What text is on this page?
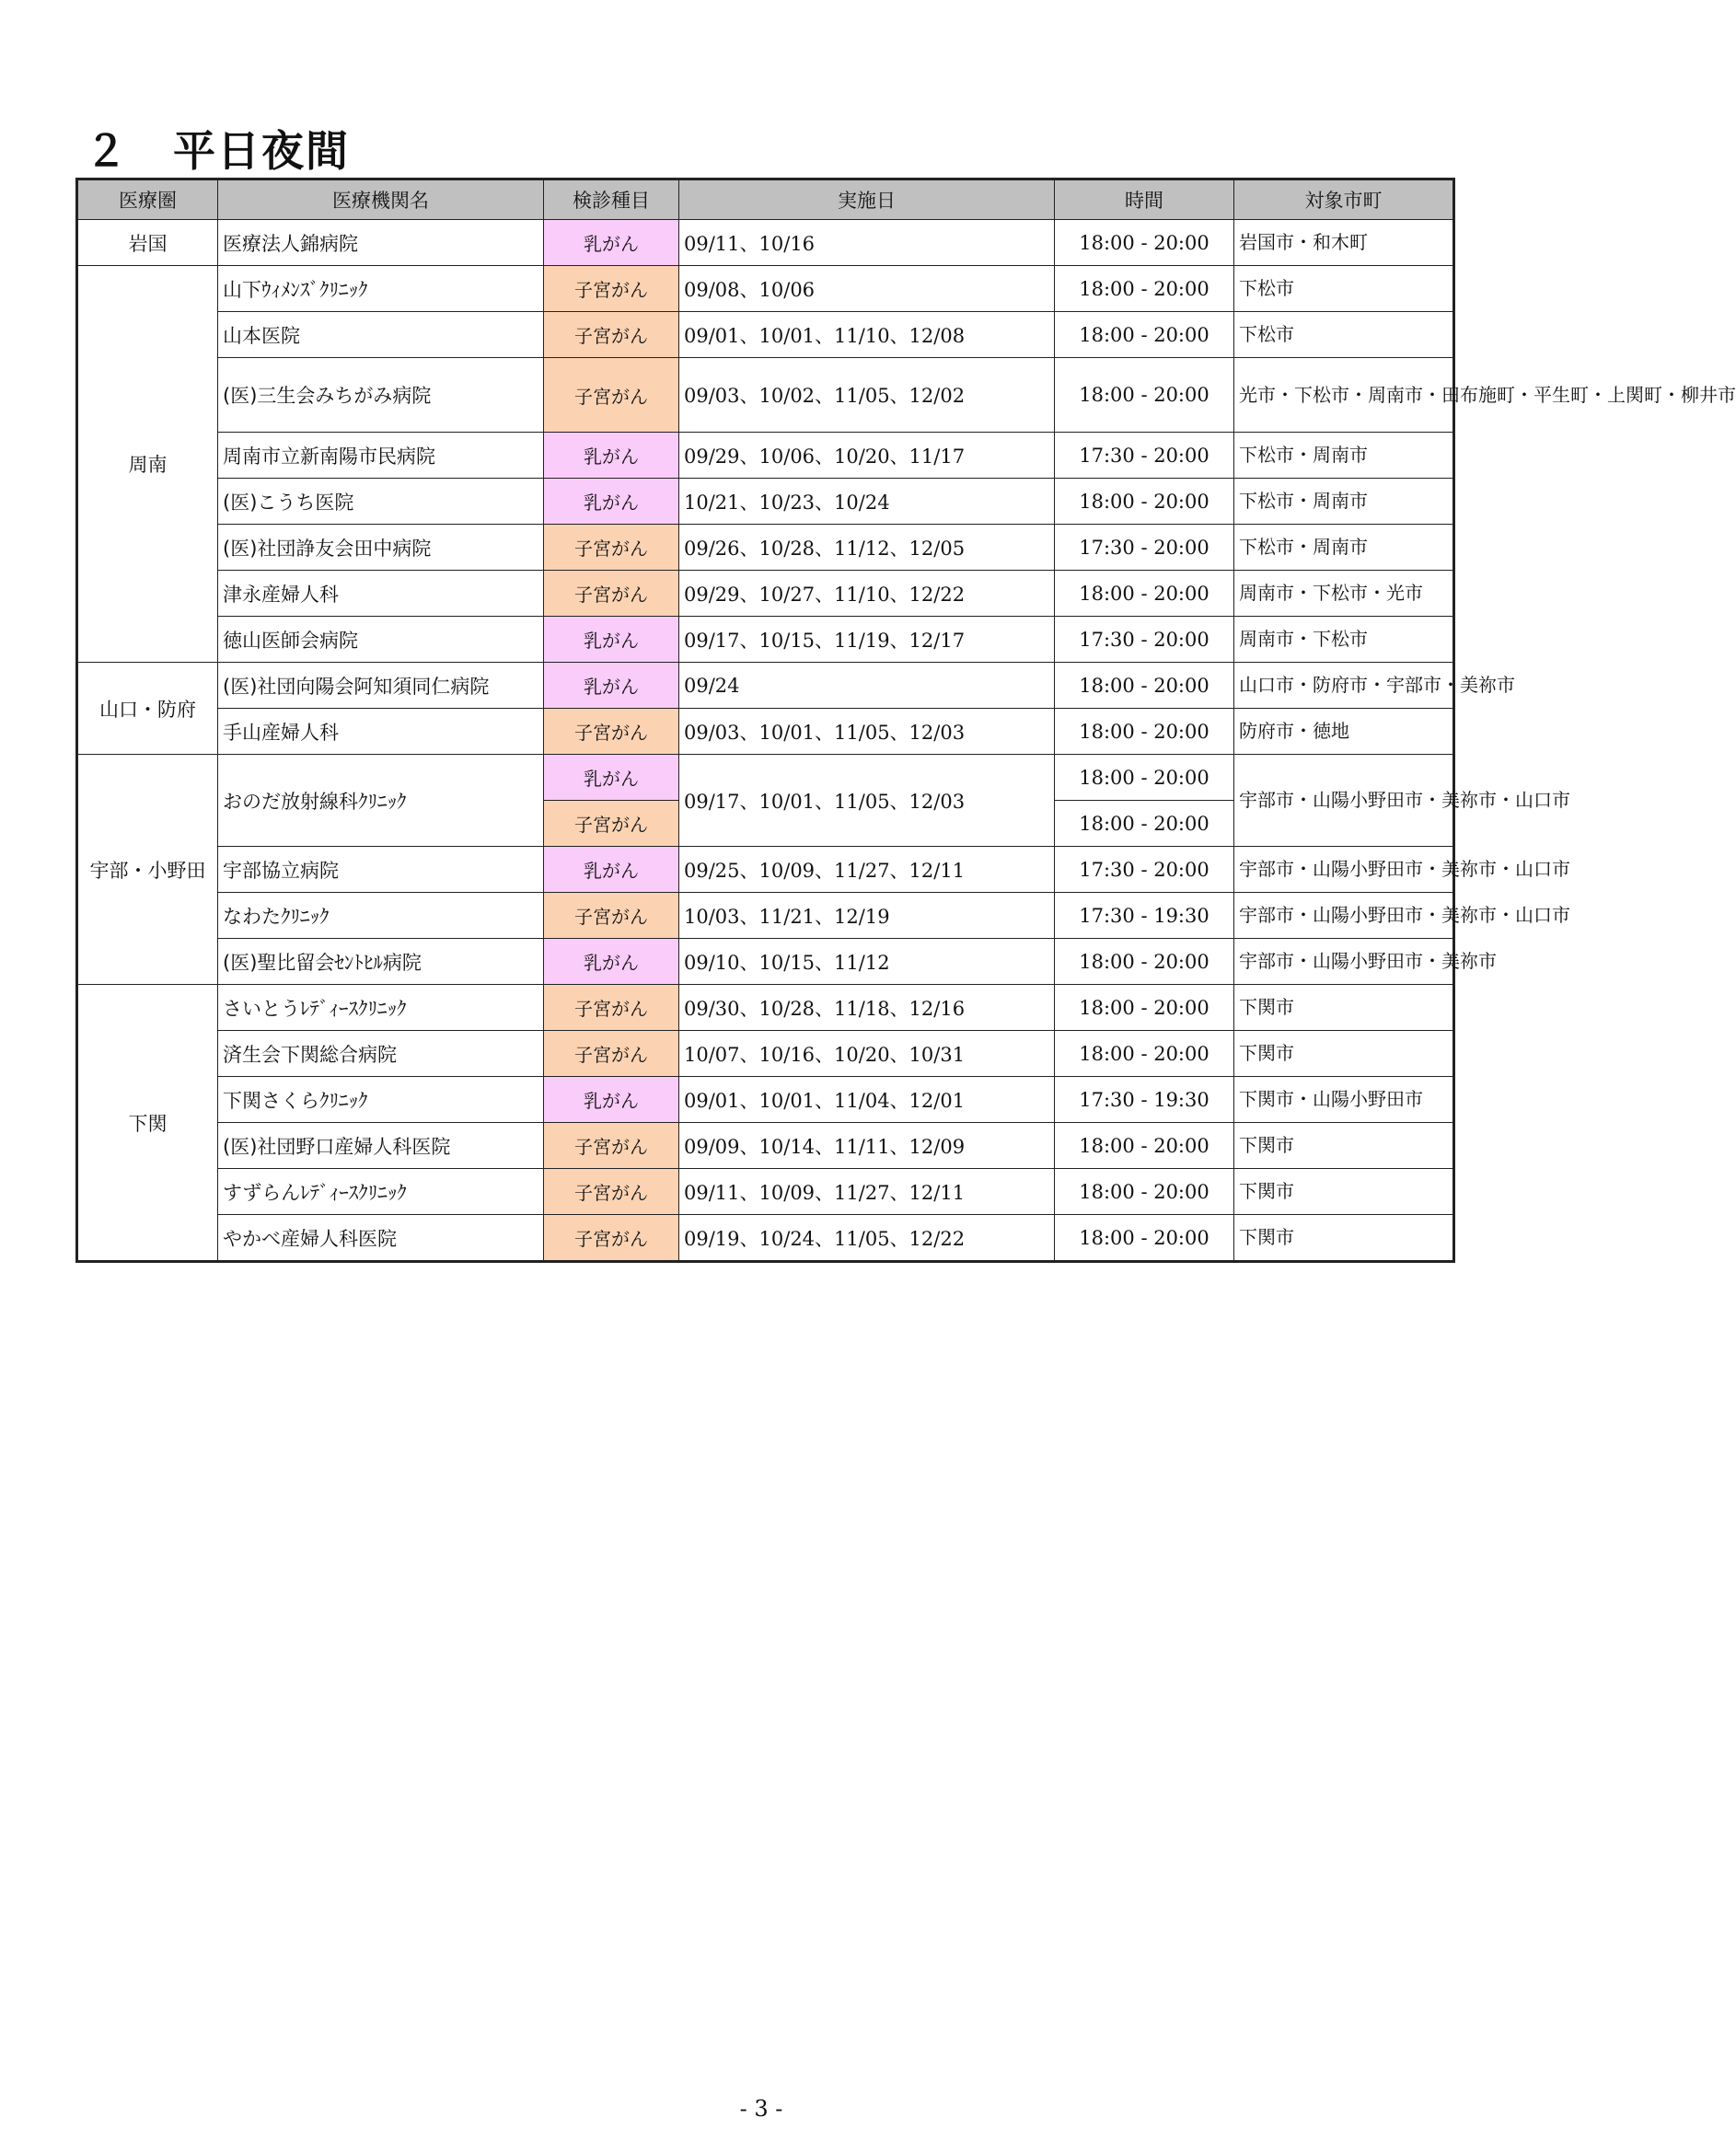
２　平日夜間
医療圏	医療機関名	検診種目	実施日	時間	対象市町
岩国	医療法人錦病院	乳がん	09/11、10/16	18:00 - 20:00	岩国市・和木町
周南	山下ｳｨﾒﾝｽﾞｸﾘﾆｯｸ	子宮がん	09/08、10/06	18:00 - 20:00	下松市
	山本医院	子宮がん	09/01、10/01、11/10、12/08	18:00 - 20:00	下松市
	(医)三生会みちがみ病院	子宮がん	09/03、10/02、11/05、12/02	18:00 - 20:00	光市・下松市・周南市・田布施町・平生町・上関町・柳井市
	周南市立新南陽市民病院	乳がん	09/29、10/06、10/20、11/17	17:30 - 20:00	下松市・周南市
	(医)こうち医院	乳がん	10/21、10/23、10/24	18:00 - 20:00	下松市・周南市
	(医)社団諍友会田中病院	子宮がん	09/26、10/28、11/12、12/05	17:30 - 20:00	下松市・周南市
	津永産婦人科	子宮がん	09/29、10/27、11/10、12/22	18:00 - 20:00	周南市・下松市・光市
	徳山医師会病院	乳がん	09/17、10/15、11/19、12/17	17:30 - 20:00	周南市・下松市
山口・防府	(医)社団向陽会阿知須同仁病院	乳がん	09/24	18:00 - 20:00	山口市・防府市・宇部市・美祢市
	手山産婦人科	子宮がん	09/03、10/01、11/05、12/03	18:00 - 20:00	防府市・徳地
宇部・小野田	おのだ放射線科ｸﾘﾆｯｸ	乳がん	09/17、10/01、11/05、12/03	18:00 - 20:00	宇部市・山陽小野田市・美祢市・山口市
		子宮がん		18:00 - 20:00	
	宇部協立病院	乳がん	09/25、10/09、11/27、12/11	17:30 - 20:00	宇部市・山陽小野田市・美祢市・山口市
	なわたｸﾘﾆｯｸ	子宮がん	10/03、11/21、12/19	17:30 - 19:30	宇部市・山陽小野田市・美祢市・山口市
	(医)聖比留会ｾﾝﾄﾋﾙ病院	乳がん	09/10、10/15、11/12	18:00 - 20:00	宇部市・山陽小野田市・美祢市
下関	さいとうﾚﾃﾞｨｰｽｸﾘﾆｯｸ	子宮がん	09/30、10/28、11/18、12/16	18:00 - 20:00	下関市
	済生会下関総合病院	子宮がん	10/07、10/16、10/20、10/31	18:00 - 20:00	下関市
	下関さくらｸﾘﾆｯｸ	乳がん	09/01、10/01、11/04、12/01	17:30 - 19:30	下関市・山陽小野田市
	(医)社団野口産婦人科医院	子宮がん	09/09、10/14、11/11、12/09	18:00 - 20:00	下関市
	すずらんﾚﾃﾞｨｰｽｸﾘﾆｯｸ	子宮がん	09/11、10/09、11/27、12/11	18:00 - 20:00	下関市
	やかべ産婦人科医院	子宮がん	09/19、10/24、11/05、12/22	18:00 - 20:00	下関市
- 3 -
